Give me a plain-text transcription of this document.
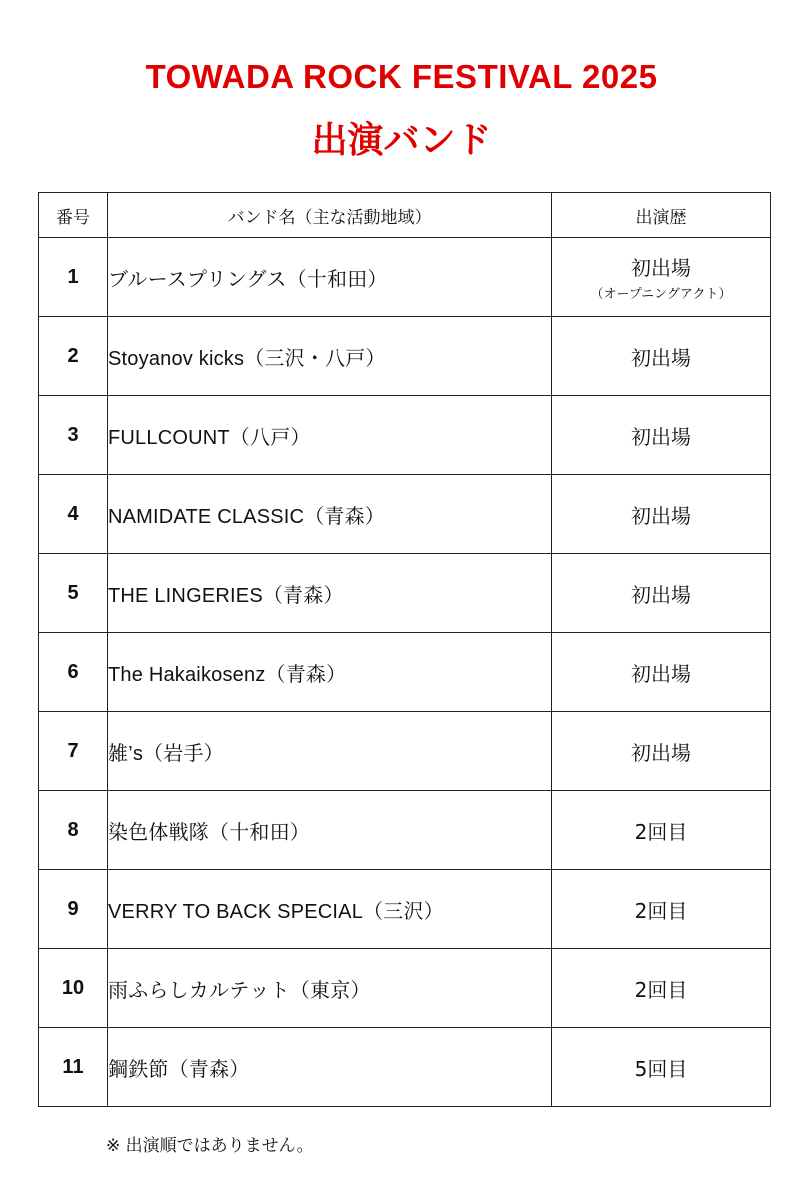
TOWADA ROCK FESTIVAL 2025
出演バンド
番号	バンド名（主な活動地域）	出演歴
1	ブルースプリングス（十和田）	初出場
（オープニングアクト）

2	Stoyanov kicks（三沢・八戸）	初出場
3	FULLCOUNT（八戸）	初出場
4	NAMIDATE CLASSIC（青森）	初出場
5	THE LINGERIES（青森）	初出場
6	The Hakaikosenz（青森）	初出場
7	雑’s（岩手）	初出場
8	染色体戦隊（十和田）	2回目
9	VERRY TO BACK SPECIAL（三沢）	2回目
10	雨ふらしカルテット（東京）	2回目
11	鋼鉄節（青森）	5回目
※ 出演順ではありません。
